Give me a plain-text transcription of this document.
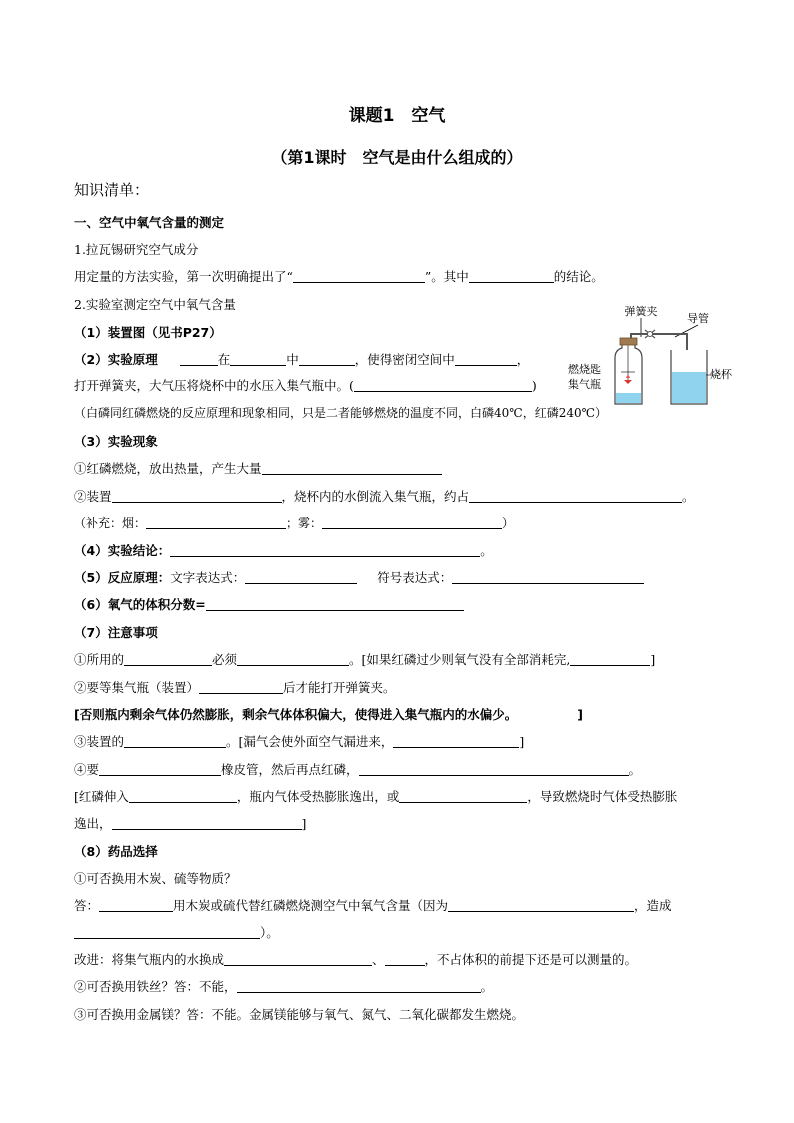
课题1　空气
（第1课时　空气是由什么组成的）
知识清单：
一、空气中氧气含量的测定
1.拉瓦锡研究空气成分
用定量的方法实验，第一次明确提出了“	”。其中	的结论。
2.实验室测定空气中氧气含量
（1）装置图（见书P27）
（2）实验原理	在	中	，使得密闭空间中	，
打开弹簧夹，大气压将烧杯中的水压入集气瓶中。(	)
（白磷同红磷燃烧的反应原理和现象相同，只是二者能够燃烧的温度不同，白磷40℃，红磷240℃）
（3）实验现象
①红磷燃烧，放出热量，产生大量
②装置	，烧杯内的水倒流入集气瓶，约占	。
（补充：烟：	；雾：	）
（4）实验结论：	。
（5）反应原理：文字表达式：	符号表达式：
（6）氧气的体积分数=
（7）注意事项
①所用的	必须	。[如果红磷过少则氧气没有全部消耗完,	]
②要等集气瓶（装置）	后才能打开弹簧夹。
[否则瓶内剩余气体仍然膨胀，剩余气体体积偏大，使得进入集气瓶内的水偏少。	]
③装置的	。[漏气会使外面空气漏进来，	]
④要	橡皮管，然后再点红磷，	。
[红磷伸入	，瓶内气体受热膨胀逸出，或	，导致燃烧时气体受热膨胀
逸出，	]
（8）药品选择
①可否换用木炭、硫等物质？
答：	用木炭或硫代替红磷燃烧测空气中氧气含量（因为	，造成
）。
改进：将集气瓶内的水换成	、	，不占体积的前提下还是可以测量的。
②可否换用铁丝？答：不能，	。
③可否换用金属镁？答：不能。金属镁能够与氧气、氮气、二氧化碳都发生燃烧。
弹簧夹
导管
燃烧匙
集气瓶
烧杯
